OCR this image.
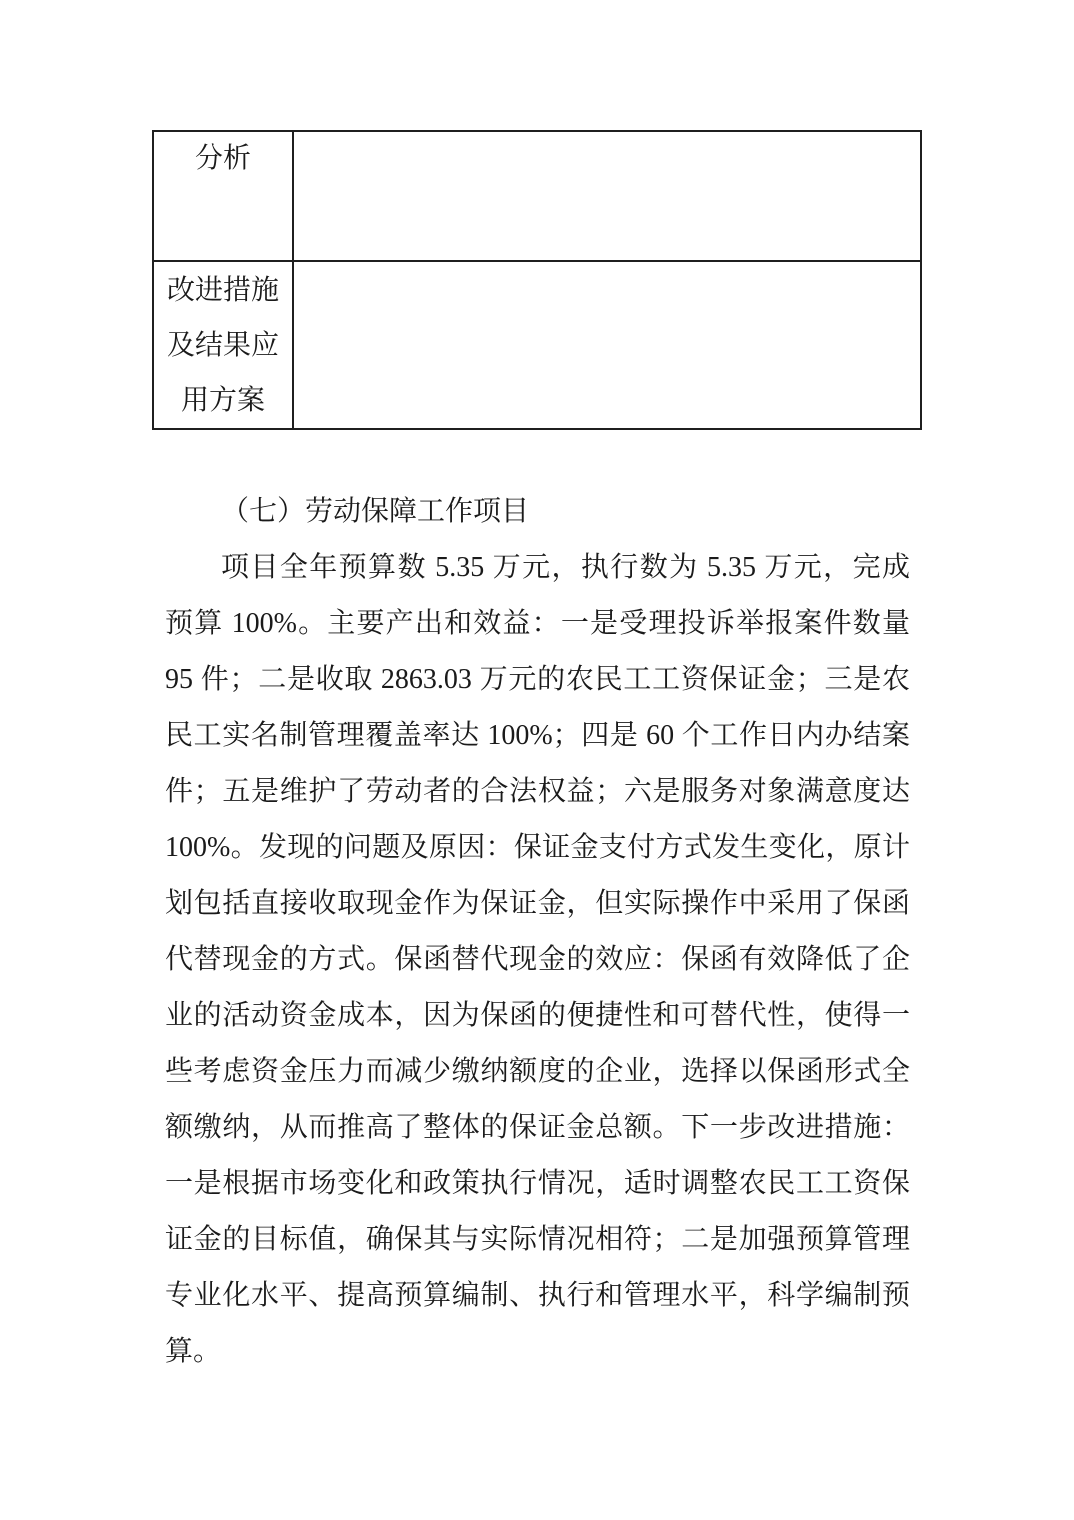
分析
改进措施
及结果应
用方案
（七）劳动保障工作项目
项目全年预算数 5.35 万元，执行数为 5.35 万元，完成
预算 100%。主要产出和效益：一是受理投诉举报案件数量
95 件；二是收取 2863.03 万元的农民工工资保证金；三是农
民工实名制管理覆盖率达 100%；四是 60 个工作日内办结案
件；五是维护了劳动者的合法权益；六是服务对象满意度达
100%。发现的问题及原因：保证金支付方式发生变化，原计
划包括直接收取现金作为保证金，但实际操作中采用了保函
代替现金的方式。保函替代现金的效应：保函有效降低了企
业的活动资金成本，因为保函的便捷性和可替代性，使得一
些考虑资金压力而减少缴纳额度的企业，选择以保函形式全
额缴纳，从而推高了整体的保证金总额。下一步改进措施：
一是根据市场变化和政策执行情况，适时调整农民工工资保
证金的目标值，确保其与实际情况相符；二是加强预算管理
专业化水平、提高预算编制、执行和管理水平，科学编制预
算。
